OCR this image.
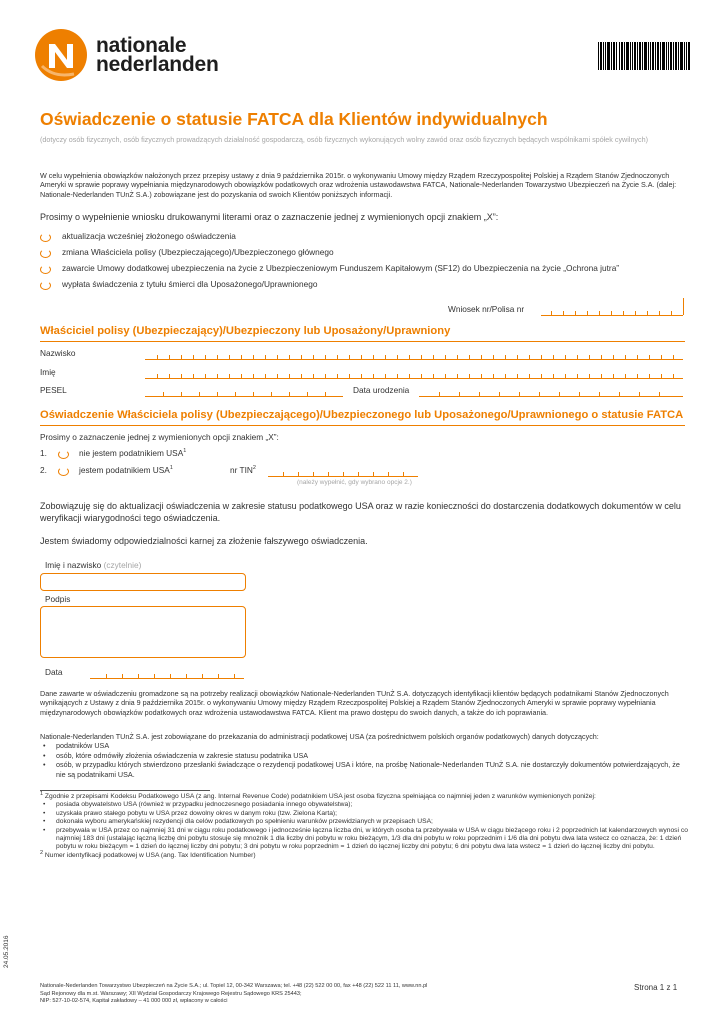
nationale
nederlanden
Oświadczenie o statusie FATCA dla Klientów indywidualnych
(dotyczy osób fizycznych, osób fizycznych prowadzących działalność gospodarczą, osób fizycznych wykonujących wolny zawód oraz osób fizycznych będących wspólnikami spółek cywilnych)
W celu wypełnienia obowiązków nałożonych przez przepisy ustawy z dnia 9 października 2015r. o wykonywaniu Umowy między Rządem Rzeczypospolitej Polskiej a Rządem Stanów Zjednoczonych Ameryki w sprawie poprawy wypełniania międzynarodowych obowiązków podatkowych oraz wdrożenia ustawodawstwa FATCA, Nationale-Nederlanden Towarzystwo Ubezpieczeń na Życie S.A. (dalej: Nationale-Nederlanden TUnŻ S.A.) zobowiązane jest do pozyskania od swoich Klientów poniższych informacji.
Prosimy o wypełnienie wniosku drukowanymi literami oraz o zaznaczenie jednej z wymienionych opcji znakiem „X”:
aktualizacja wcześniej złożonego oświadczenia
zmiana Właściciela polisy (Ubezpieczającego)/Ubezpieczonego głównego
zawarcie Umowy dodatkowej ubezpieczenia na życie z Ubezpieczeniowym Funduszem Kapitałowym (SF12) do Ubezpieczenia na życie „Ochrona jutra”
wypłata świadczenia z tytułu śmierci dla Uposażonego/Uprawnionego
Wniosek nr/Polisa nr
Właściciel polisy (Ubezpieczający)/Ubezpieczony lub Uposażony/Uprawniony
Nazwisko
Imię
PESEL	Data urodzenia
Oświadczenie Właściciela polisy (Ubezpieczającego)/Ubezpieczonego lub Uposażonego/Uprawnionego o statusie FATCA
Prosimy o zaznaczenie jednej z wymienionych opcji znakiem „X”:
1.	nie jestem podatnikiem USA$^1$
2.	jestem podatnikiem USA$^1$	nr TIN$^2$
(należy wypełnić, gdy wybrano opcje 2.)
Zobowiązuję się do aktualizacji oświadczenia w zakresie statusu podatkowego USA oraz w razie konieczności do dostarczenia dodatkowych dokumentów w celu weryfikacji wiarygodności tego oświadczenia.
Jestem świadomy odpowiedzialności karnej za złożenie fałszywego oświadczenia.
Imię i nazwisko (czytelnie)
Podpis
Data
Dane zawarte w oświadczeniu gromadzone są na potrzeby realizacji obowiązków Nationale-Nederlanden TUnŻ S.A. dotyczących identyfikacji klientów będących podatnikami Stanów Zjednoczonych wynikających z Ustawy z dnia 9 października 2015r. o wykonywaniu Umowy między Rządem Rzeczpospolitej Polskiej a Rządem Stanów Zjednoczonych Ameryki w sprawie poprawy wypełniania międzynarodowych obowiązków podatkowych oraz wdrożenia ustawodawstwa FATCA. Klient ma prawo dostępu do swoich danych, a także do ich poprawiania.
Nationale-Nederlanden TUnŻ S.A. jest zobowiązane do przekazania do administracji podatkowej USA (za pośrednictwem polskich organów podatkowych) danych dotyczących:
• podatników USA
• osób, które odmówiły złożenia oświadczenia w zakresie statusu podatnika USA
• osób, w przypadku których stwierdzono przesłanki świadczące o rezydencji podatkowej USA i które, na prośbę Nationale-Nederlanden TUnŻ S.A. nie dostarczyły dokumentów potwierdzających, że nie są podatnikami USA.
$^1$ Zgodnie z przepisami Kodeksu Podatkowego USA (z ang. Internal Revenue Code) podatnikiem USA jest osoba fizyczna spełniająca co najmniej jeden z warunków wymienionych poniżej:
• posiada obywatelstwo USA (również w przypadku jednoczesnego posiadania innego obywatelstwa);
• uzyskała prawo stałego pobytu w USA przez dowolny okres w danym roku (tzw. Zielona Karta);
• dokonała wyboru amerykańskiej rezydencji dla celów podatkowych po spełnieniu warunków przewidzianych w przepisach USA;
• przebywała w USA przez co najmniej 31 dni w ciągu roku podatkowego i jednocześnie łączna liczba dni, w których osoba ta przebywała w USA w ciągu bieżącego roku i 2 poprzednich lat kalendarzowych wynosi co najmniej 183 dni (ustalając łączną liczbę dni pobytu stosuje się mnożnik 1 dla liczby dni pobytu w roku bieżącym, 1/3 dla dni pobytu w roku poprzednim i 1/6 dla dni pobytu dwa lata wstecz co oznacza, że: 1 dzień pobytu w roku bieżącym = 1 dzień do łącznej liczby dni pobytu; 3 dni pobytu w roku poprzednim = 1 dzień do łącznej liczby dni pobytu; 6 dni pobytu dwa lata wstecz = 1 dzień do łącznej liczby dni pobytu.
$^2$ Numer identyfikacji podatkowej w USA (ang. Tax Identification Number)
24.05.2016
Nationale-Nederlanden Towarzystwo Ubezpieczeń na Życie S.A.; ul. Topiel 12, 00-342 Warszawa; tel. +48 (22) 522 00 00, fax +48 (22) 522 11 11, www.nn.pl
Sąd Rejonowy dla m.st. Warszawy; XII Wydział Gospodarczy Krajowego Rejestru Sądowego KRS 25443;
NIP: 527-10-02-574, Kapitał zakładowy – 41 000 000 zł, wpłacony w całości
Strona 1 z 1
